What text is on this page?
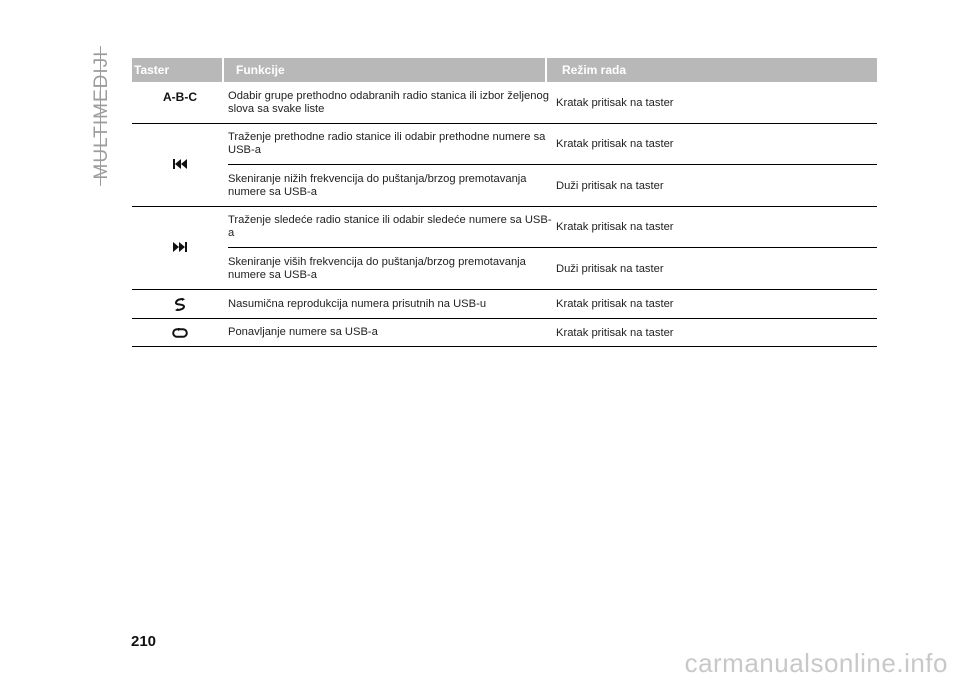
MULTIMEDIJI Taster	Funkcije	Režim rada
A-B-C	Odabir grupe prethodno odabranih radio stanica ili izbor željenog slova sa svake liste	Kratak pritisak na taster
Traženje prethodne radio stanice ili odabir prethodne numere sa USB-a	Kratak pritisak na taster
Skeniranje nižih frekvencija do puštanja/brzog premotavanja numere sa USB-a	Duži pritisak na taster
Traženje sledeće radio stanice ili odabir sledeće numere sa USB-a	Kratak pritisak na taster
Skeniranje viših frekvencija do puštanja/brzog premotavanja numere sa USB-a	Duži pritisak na taster
Nasumična reprodukcija numera prisutnih na USB-u	Kratak pritisak na taster
Ponavljanje numere sa USB-a	Kratak pritisak na taster
210
carmanualsonline.info
